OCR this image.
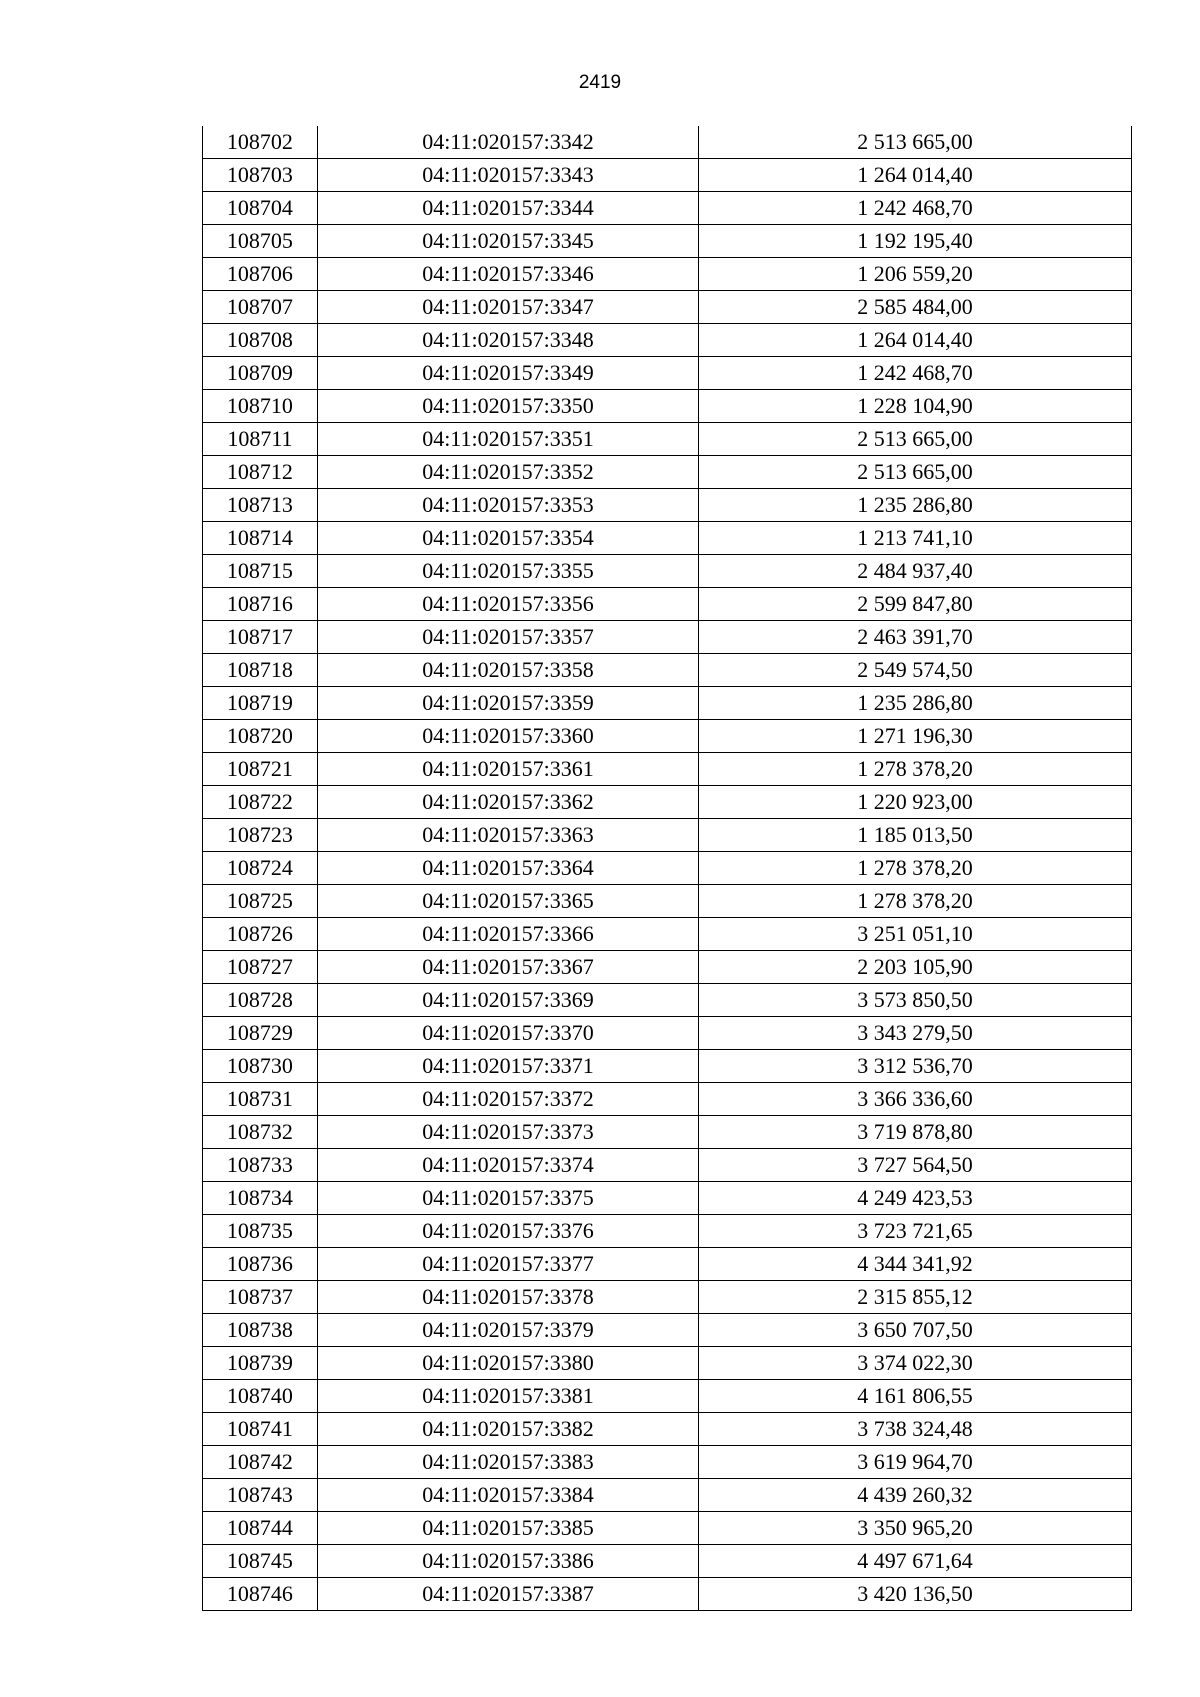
2419
108702	04:11:020157:3342	2 513 665,00
108703	04:11:020157:3343	1 264 014,40
108704	04:11:020157:3344	1 242 468,70
108705	04:11:020157:3345	1 192 195,40
108706	04:11:020157:3346	1 206 559,20
108707	04:11:020157:3347	2 585 484,00
108708	04:11:020157:3348	1 264 014,40
108709	04:11:020157:3349	1 242 468,70
108710	04:11:020157:3350	1 228 104,90
108711	04:11:020157:3351	2 513 665,00
108712	04:11:020157:3352	2 513 665,00
108713	04:11:020157:3353	1 235 286,80
108714	04:11:020157:3354	1 213 741,10
108715	04:11:020157:3355	2 484 937,40
108716	04:11:020157:3356	2 599 847,80
108717	04:11:020157:3357	2 463 391,70
108718	04:11:020157:3358	2 549 574,50
108719	04:11:020157:3359	1 235 286,80
108720	04:11:020157:3360	1 271 196,30
108721	04:11:020157:3361	1 278 378,20
108722	04:11:020157:3362	1 220 923,00
108723	04:11:020157:3363	1 185 013,50
108724	04:11:020157:3364	1 278 378,20
108725	04:11:020157:3365	1 278 378,20
108726	04:11:020157:3366	3 251 051,10
108727	04:11:020157:3367	2 203 105,90
108728	04:11:020157:3369	3 573 850,50
108729	04:11:020157:3370	3 343 279,50
108730	04:11:020157:3371	3 312 536,70
108731	04:11:020157:3372	3 366 336,60
108732	04:11:020157:3373	3 719 878,80
108733	04:11:020157:3374	3 727 564,50
108734	04:11:020157:3375	4 249 423,53
108735	04:11:020157:3376	3 723 721,65
108736	04:11:020157:3377	4 344 341,92
108737	04:11:020157:3378	2 315 855,12
108738	04:11:020157:3379	3 650 707,50
108739	04:11:020157:3380	3 374 022,30
108740	04:11:020157:3381	4 161 806,55
108741	04:11:020157:3382	3 738 324,48
108742	04:11:020157:3383	3 619 964,70
108743	04:11:020157:3384	4 439 260,32
108744	04:11:020157:3385	3 350 965,20
108745	04:11:020157:3386	4 497 671,64
108746	04:11:020157:3387	3 420 136,50
